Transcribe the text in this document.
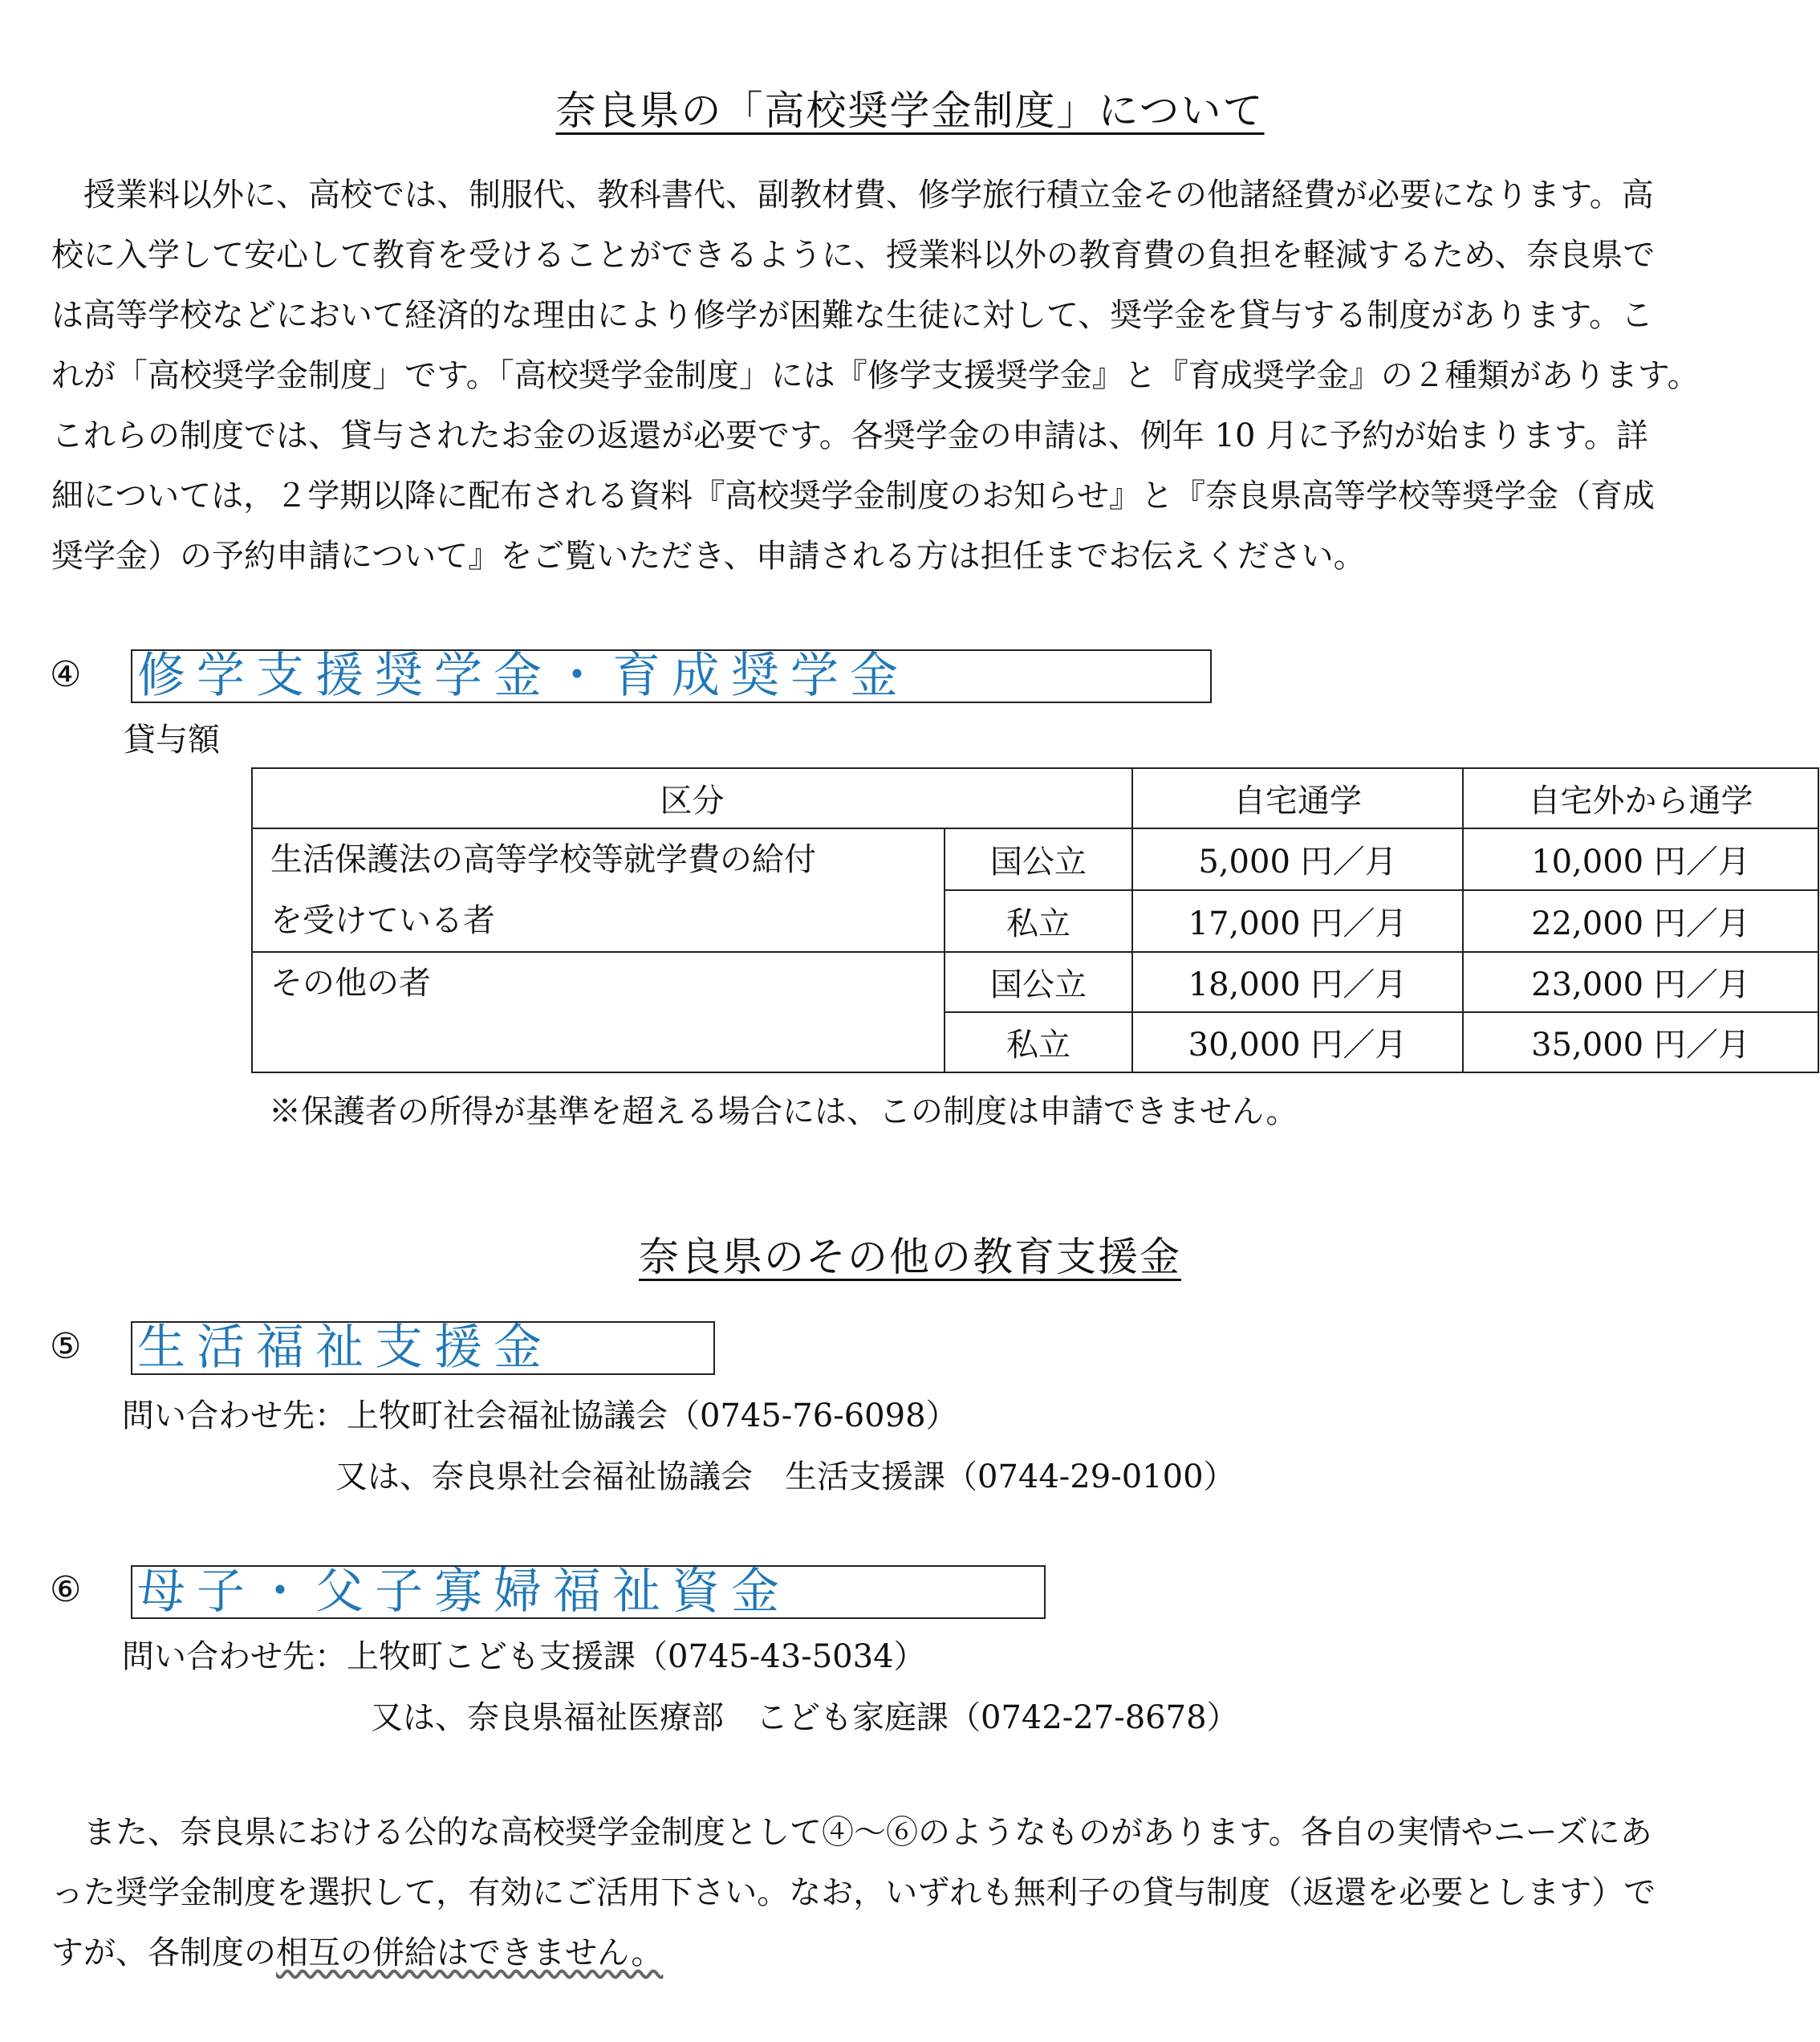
奈良県の「高校奨学金制度」について
　授業料以外に、高校では、制服代、教科書代、副教材費、修学旅行積立金その他諸経費が必要になります。高
校に入学して安心して教育を受けることができるように、授業料以外の教育費の負担を軽減するため、奈良県で
は高等学校などにおいて経済的な理由により修学が困難な生徒に対して、奨学金を貸与する制度があります。こ
れが「高校奨学金制度」です。「高校奨学金制度」には『修学支援奨学金』と『育成奨学金』の２種類があります。
これらの制度では、貸与されたお金の返還が必要です。各奨学金の申請は、例年 10 月に予約が始まります。詳
細については，２学期以降に配布される資料『高校奨学金制度のお知らせ』と『奈良県高等学校等奨学金（育成
奨学金）の予約申請について』をご覧いただき、申請される方は担任までお伝えください。
④ 修学支援奨学金・育成奨学金
貸与額
区分		自宅通学	自宅外から通学

生活保護法の高等学校等就学費の給付
を受けている者	国公立	5,000 円／月	10,000 円／月
	私立	17,000 円／月	22,000 円／月

その他の者	国公立	18,000 円／月	23,000 円／月
	私立	30,000 円／月	35,000 円／月
※保護者の所得が基準を超える場合には、この制度は申請できません。
奈良県のその他の教育支援金
⑤ 生活福祉支援金
問い合わせ先：上牧町社会福祉協議会（0745-76-6098）
又は、奈良県社会福祉協議会　生活支援課（0744-29-0100）
⑥ 母子・父子寡婦福祉資金
問い合わせ先：上牧町こども支援課（0745-43-5034）
又は、奈良県福祉医療部　こども家庭課（0742-27-8678）
　また、奈良県における公的な高校奨学金制度として④～⑥のようなものがあります。各自の実情やニーズにあ
った奨学金制度を選択して，有効にご活用下さい。なお，いずれも無利子の貸与制度（返還を必要とします）で
すが、各制度の相互の併給はできません。
